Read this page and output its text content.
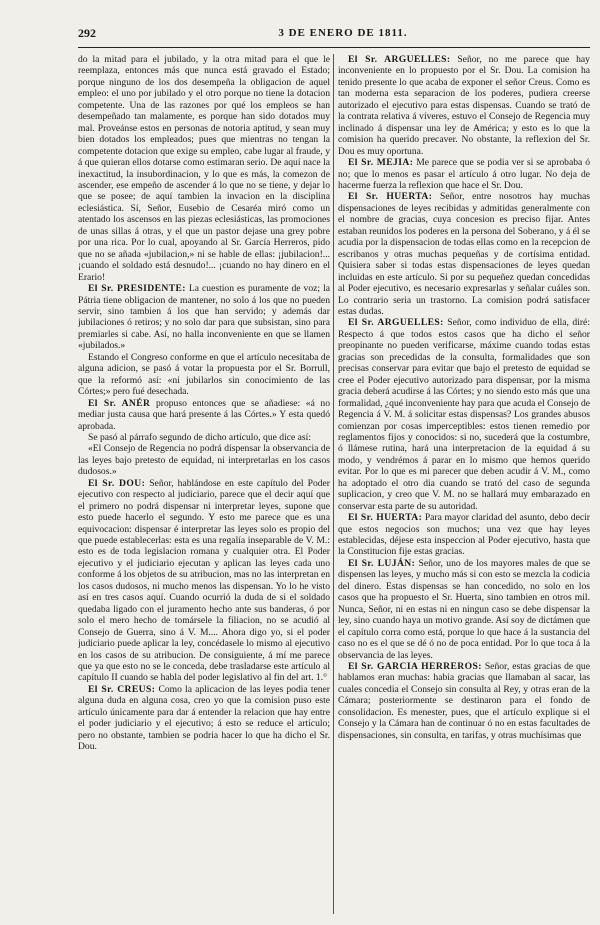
292	3 DE ENERO DE 1811.

do la mitad para el jubilado, y la otra mitad para el que le reemplaza, entonces más que nunca está gravado el Estado; porque ninguno de los dos desempeña la obligacion de aquel empleo: el uno por jubilado y el otro porque no tiene la dotacion competente. Una de las razones por qué los empleos se han desempeñado tan malamente, es porque han sido dotados muy mal. Proveánse estos en personas de notoria aptitud, y sean muy bien dotados los empleados; pues que mientras no tengan la competente dotacion que exige su empleo, cabe lugar al fraude, y á que quieran ellos dotarse como estimaran serio. De aquí nace la inexactitud, la insubordinacion, y lo que es más, la comezon de ascender, ese empeño de ascender á lo que no se tiene, y dejar lo que se posee; de aquí tambien la invacion en la disciplina eclesiástica. Sí, Señor, Eusebio de Cesaréa miró como un atentado los ascensos en las piezas eclesiásticas, las promociones de unas sillas á otras, y el que un pastor dejase una grey pobre por una rica. Por lo cual, apoyando al Sr. García Herreros, pido que no se añada «jubilacion,» ni se hable de ellas: ¡jubilacion!... ¡cuando el soldado está desnudo!... ¡cuando no hay dinero en el Erario!

El Sr. PRESIDENTE: La cuestion es puramente de voz; la Pátria tiene obligacion de mantener, no solo á los que no pueden servir, sino tambien á los que han servido; y además dar jubilaciones ó retiros; y no solo dar para que subsistan, sino para premiarles si cabe. Así, no halla inconveniente en que se llamen «jubilados.»

Estando el Congreso conforme en que el artículo necesitaba de alguna adicion, se pasó á votar la propuesta por el Sr. Borrull, que la reformó así: «ni jubilarlos sin conocimiento de las Córtes;» pero fué desechada.

El Sr. ANÉR propuso entonces que se añadiese: «á no mediar justa causa que hará presente á las Córtes.» Y esta quedó aprobada.

Se pasó al párrafo segundo de dicho artículo, que dice así:

«El Consejo de Regencia no podrá dispensar la observancia de las leyes bajo pretesto de equidad, ni interpretarlas en los casos dudosos.»

El Sr. DOU: Señor, hablándose en este capítulo del Poder ejecutivo con respecto al judiciario, parece que el decir aquí que el primero no podrá dispensar ni interpretar leyes, supone que esto puede hacerlo el segundo. Y esto me parece que es una equivocacion: dispensar é interpretar las leyes solo es propio del que puede establecerlas: esta es una regalía inseparable de V. M.: esto es de toda legislacion romana y cualquier otra. El Poder ejecutivo y el judiciario ejecutan y aplican las leyes cada uno conforme á los objetos de su atribucion, mas no las interpretan en los casos dudosos, ni mucho menos las dispensan. Yo lo he visto así en tres casos aquí. Cuando ocurrió la duda de si el soldado quedaba ligado con el juramento hecho ante sus banderas, ó por solo el mero hecho de tomársele la filiacion, no se acudió al Consejo de Guerra, sino á V. M.... Ahora digo yo, si el poder judiciario puede aplicar la ley, concédasele lo mismo al ejecutivo en los casos de su atribucion. De consiguiente, á mí me parece que ya que esto no se le conceda, debe trasladarse este artículo al capítulo II cuando se habla del poder legislativo al fin del art. 1.°

El Sr. CREUS: Como la aplicacion de las leyes podia tener alguna duda en alguna cosa, creo yo que la comision puso este artículo únicamente para dar á entender la relacion que hay entre el poder judiciario y el ejecutivo; á esto se reduce el artículo; pero no obstante, tambien se podria hacer lo que ha dicho el Sr. Dou.

El Sr. ARGUELLES: Señor, no me parece que hay inconveniente en lo propuesto por el Sr. Dou. La comision ha tenido presente lo que acaba de exponer el señor Creus. Como es tan moderna esta separacion de los poderes, pudiera creerse autorizado el ejecutivo para estas dispensas. Cuando se trató de la contrata relativa á víveres, estuvo el Consejo de Regencia muy inclinado á dispensar una ley de América; y esto es lo que la comision ha querido precaver. No obstante, la reflexion del Sr. Dou es muy oportuna.

El Sr. MEJIA: Me parece que se podia ver si se aprobaba ó no; que lo menos es pasar el artículo á otro lugar. No deja de hacerme fuerza la reflexion que hace el Sr. Dou.

El Sr. HUERTA: Señor, entre nosotros hay muchas dispensaciones de leyes recibidas y admitidas generalmente con el nombre de gracias, cuya concesion es preciso fijar. Antes estaban reunidos los poderes en la persona del Soberano, y á él se acudia por la dispensacion de todas ellas como en la recepcion de escribanos y otras muchas pequeñas y de cortísima entidad. Quisiera saber si todas estas dispensaciones de leyes quedan incluidas en este artículo. Si por su pequeñez quedan concedidas al Poder ejecutivo, es necesario expresarlas y señalar cuáles son. Lo contrario seria un trastorno. La comision podrá satisfacer estas dudas.

El Sr. ARGUELLES: Señor, como individuo de ella, diré: Respecto á que todos estos casos que ha dicho el señor preopinante no pueden verificarse, máxime cuando todas estas gracias son precedidas de la consulta, formalidades que son precisas conservar para evitar que bajo el pretesto de equidad se cree el Poder ejecutivo autorizado para dispensar, por la misma gracia deberá acudirse á las Córtes; y no siendo esto más que una formalidad, ¿qué inconveniente hay para que acuda el Consejo de Regencia á V. M. á solicitar estas dispensas? Los grandes abusos comienzan por cosas imperceptibles: estos tienen remedio por reglamentos fijos y conocidos: si no, sucederá que la costumbre, ó llámese rutina, hará una interpretacion de la equidad á su modo, y vendrémos á parar en lo mismo que hemos querido evitar. Por lo que es mi parecer que deben acudir á V. M., como ha adoptado el otro dia cuando se trató del caso de segunda suplicacion, y creo que V. M. no se hallará muy embarazado en conservar esta parte de su autoridad.

El Sr. HUERTA: Para mayor claridad del asunto, debo decir que estos negocios son muchos; una vez que hay leyes establecidas, déjese esta inspeccion al Poder ejecutivo, hasta que la Constitucion fije estas gracias.

El Sr. LUJÁN: Señor, uno de los mayores males de que se dispensen las leyes, y mucho más si con esto se mezcla la codicia del dinero. Estas dispensas se han concedido, no solo en los casos que ha propuesto el Sr. Huerta, sino tambien en otros mil. Nunca, Señor, ni en estas ni en ningun caso se debe dispensar la ley, sino cuando haya un motivo grande. Así soy de dictámen que el capítulo corra como está, porque lo que hace á la sustancia del caso no es el que se dé ó no de poca entidad. Por lo que toca á la observancia de las leyes.

El Sr. GARCIA HERREROS: Señor, estas gracias de que hablamos eran muchas: habia gracias que llamaban al sacar, las cuales concedia el Consejo sin consulta al Rey, y otras eran de la Cámara; posteriormente se destinaron para el fondo de consolidacion. Es menester, pues, que el artículo explique si el Consejo y la Cámara han de continuar ó no en estas facultades de dispensaciones, sin consulta, en tarifas, y otras muchísimas que
